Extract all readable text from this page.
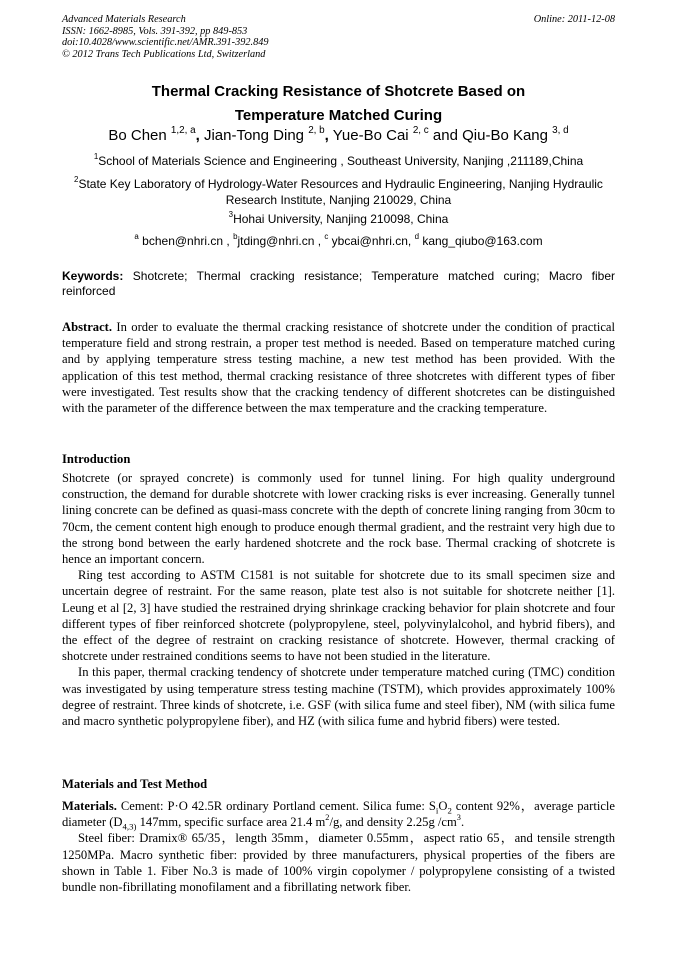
Advanced Materials Research
ISSN: 1662-8985, Vols. 391-392, pp 849-853
doi:10.4028/www.scientific.net/AMR.391-392.849
© 2012 Trans Tech Publications Ltd, Switzerland
Online: 2011-12-08
Thermal Cracking Resistance of Shotcrete Based on
Temperature Matched Curing
Bo Chen $^{1,2, a}$, Jian-Tong Ding $^{2, b}$, Yue-Bo Cai $^{2, c}$ and Qiu-Bo Kang $^{3, d}$
$^1$School of Materials Science and Engineering , Southeast University, Nanjing ,211189,China
$^2$State Key Laboratory of Hydrology-Water Resources and Hydraulic Engineering, Nanjing Hydraulic
Research Institute, Nanjing 210029, China
$^3$Hohai University, Nanjing 210098, China
$^a$ bchen@nhri.cn , $^b$jtding@nhri.cn , $^c$ ybcai@nhri.cn, $^d$ kang_qiubo@163.com
Keywords: Shotcrete; Thermal cracking resistance; Temperature matched curing; Macro fiber reinforced
Abstract. In order to evaluate the thermal cracking resistance of shotcrete under the condition of practical temperature field and strong restrain, a proper test method is needed. Based on temperature matched curing and by applying temperature stress testing machine, a new test method has been provided. With the application of this test method, thermal cracking resistance of three shotcretes with different types of fiber were investigated. Test results show that the cracking tendency of different shotcretes can be distinguished with the parameter of the difference between the max temperature and the cracking temperature.
Introduction

Shotcrete (or sprayed concrete) is commonly used for tunnel lining. For high quality underground construction, the demand for durable shotcrete with lower cracking risks is ever increasing. Generally tunnel lining concrete can be defined as quasi-mass concrete with the depth of concrete lining ranging from 30cm to 70cm, the cement content high enough to produce enough thermal gradient, and the restraint very high due to the strong bond between the early hardened shotcrete and the rock base. Thermal cracking of shotcrete is hence an important concern.

Ring test according to ASTM C1581 is not suitable for shotcrete due to its small specimen size and uncertain degree of restraint. For the same reason, plate test also is not suitable for shotcrete neither [1]. Leung et al [2, 3] have studied the restrained drying shrinkage cracking behavior for plain shotcrete and four different types of fiber reinforced shotcrete (polypropylene, steel, polyvinylalcohol, and hybrid fibers), and the effect of the degree of restraint on cracking resistance of shotcrete. However, thermal cracking of shotcrete under restrained conditions seems to have not been studied in the literature.

In this paper, thermal cracking tendency of shotcrete under temperature matched curing (TMC) condition was investigated by using temperature stress testing machine (TSTM), which provides approximately 100% degree of restraint. Three kinds of shotcrete, i.e. GSF (with silica fume and steel fiber), NM (with silica fume and macro synthetic polypropylene fiber), and HZ (with silica fume and hybrid fibers) were tested.

Materials and Test Method

Materials. Cement: P·O 42.5R ordinary Portland cement. Silica fume: $S_iO_2$ content 92%，average particle diameter ($D_{4,3)}$ 147mm, specific surface area 21.4 $m^2/g$, and density 2.25g $/cm^3$.

Steel fiber: Dramix® 65/35，length 35mm，diameter 0.55mm，aspect ratio 65，and tensile strength 1250MPa. Macro synthetic fiber: provided by three manufacturers, physical properties of the fibers are shown in Table 1. Fiber No.3 is made of 100% virgin copolymer / polypropylene consisting of a twisted bundle non-fibrillating monofilament and a fibrillating network fiber.
